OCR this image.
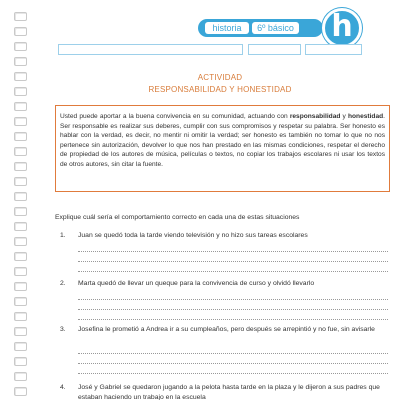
historia	6º básico	h
ACTIVIDAD
RESPONSABILIDAD Y HONESTIDAD
Usted puede aportar a la buena convivencia en su comunidad, actuando con responsabilidad y honestidad. Ser responsable es realizar sus deberes, cumplir con sus compromisos y respetar su palabra. Ser honesto es hablar con la verdad, es decir, no mentir ni omitir la verdad; ser honesto es también no tomar lo que no nos pertenece sin autorización, devolver lo que nos han prestado en las mismas condiciones, respetar el derecho de propiedad de los autores de música, películas o textos, no copiar los trabajos escolares ni usar los textos de otros autores, sin citar la fuente.
Explique cuál sería el comportamiento correcto en cada una de estas situaciones
1. Juan se quedó toda la tarde viendo televisión y no hizo sus tareas escolares
2. Marta quedó de llevar un queque para la convivencia de curso y olvidó llevarlo
3. Josefina le prometió a Andrea ir a su cumpleaños, pero después se arrepintió y no fue, sin avisarle
4. José y Gabriel se quedaron jugando a la pelota hasta tarde en la plaza y le dijeron a sus padres que estaban haciendo un trabajo en la escuela
